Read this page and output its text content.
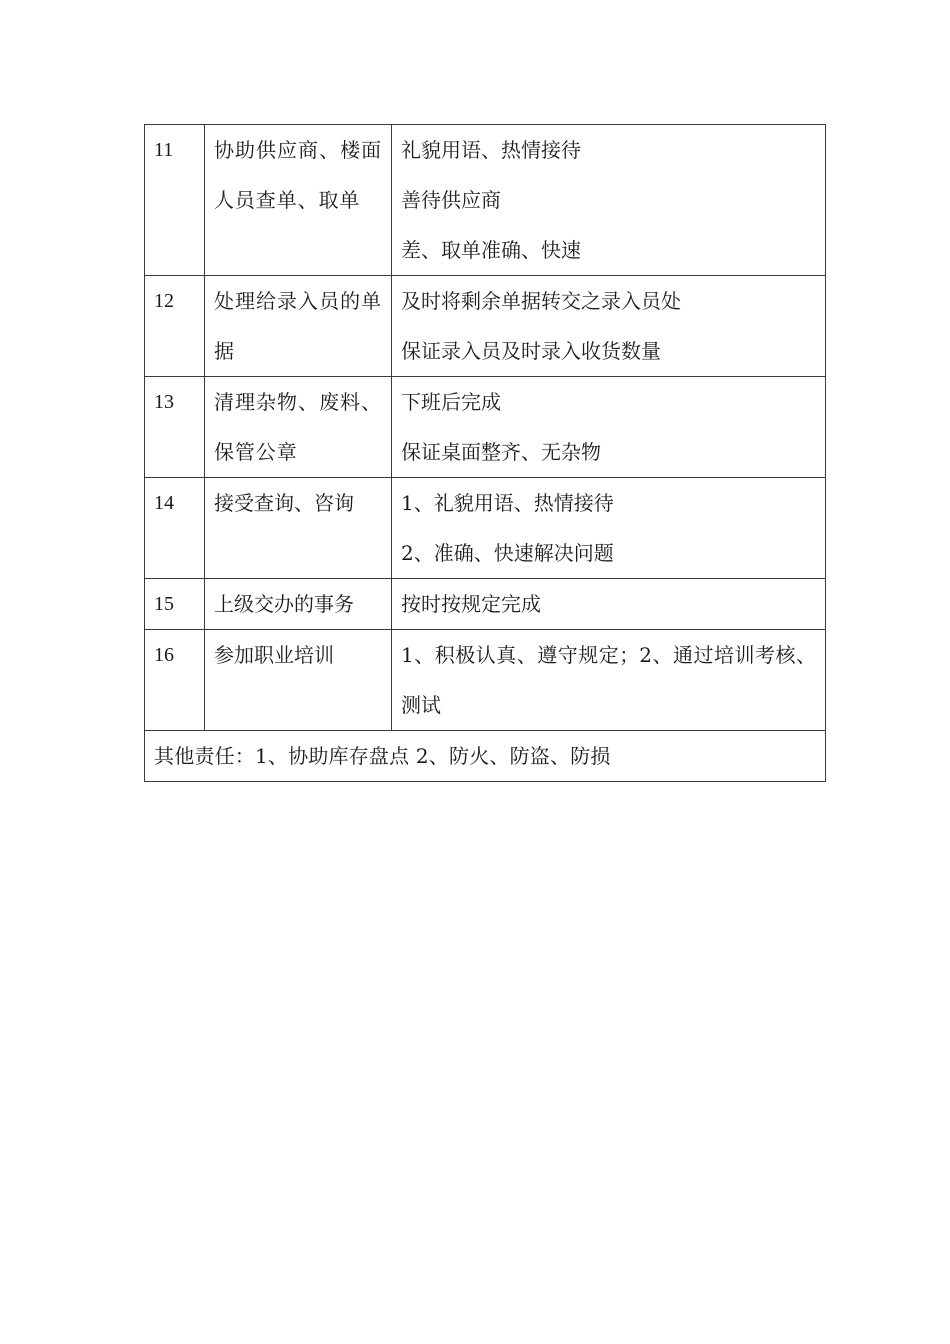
11	协助供应商、楼面人员查单、取单	礼貌用语、热情接待
善待供应商
差、取单准确、快速

12	处理给录入员的单据	及时将剩余单据转交之录入员处
保证录入员及时录入收货数量

13	清理杂物、废料、保管公章	下班后完成
保证桌面整齐、无杂物

14	接受查询、咨询	1、礼貌用语、热情接待
2、准确、快速解决问题

15	上级交办的事务	按时按规定完成

16	参加职业培训	1、积极认真、遵守规定；2、通过培训考核、测试

其他责任：1、协助库存盘点 2、防火、防盗、防损		
